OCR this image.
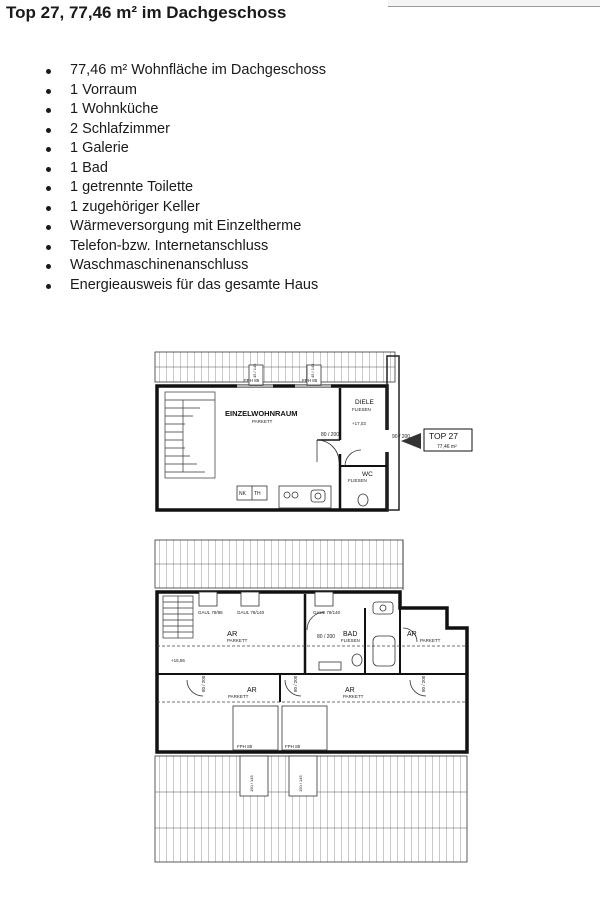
Top 27, 77,46 m² im Dachgeschoss
77,46 m² Wohnfläche im Dachgeschoss
1 Vorraum
1 Wohnküche
2 Schlafzimmer
1 Galerie
1 Bad
1 getrennte Toilette
1 zugehöriger Keller
Wärmeversorgung mit Einzeltherme
Telefon-bzw. Internetanschluss
Waschmaschinenanschluss
Energieausweis für das gesamte Haus
FPH 85	FPH 85
45 / 145	45 / 145
EINZELWOHNRAUM
PARKETT
DIELE
FLIESEN
+17,03
WC
FLIESEN
80 / 200	90 / 200
NK TH
TOP 27
77,46 m²
GAUL 78/98	GAUL 78/140	GAUL 78/140
AR
PARKETT
BAD
FLIESEN
AR
PARKETT
AR
PARKETT
AR
PARKETT
+15,55
80 / 200
80 / 200	80 / 200	80 / 200
FPH 85	FPH 85
150 / 145	150 / 145
